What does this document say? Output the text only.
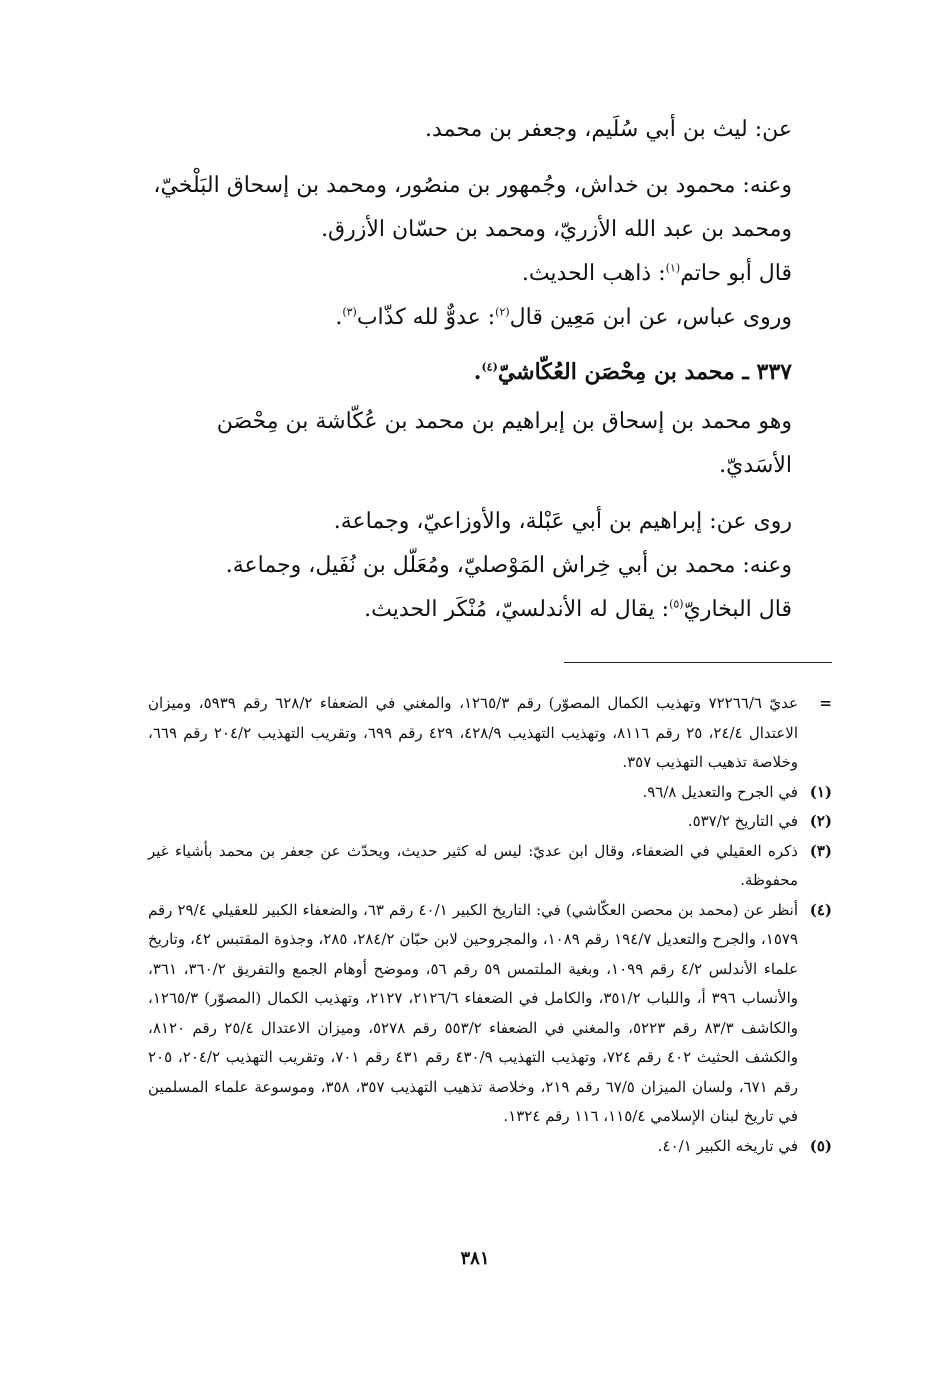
عن: ليث بن أبي سُلَيم، وجعفر بن محمد.

وعنه: محمود بن خداش، وجُمهور بن منصُور، ومحمد بن إسحاق البَلْخيّ، ومحمد بن عبد الله الأزريّ، ومحمد بن حسّان الأزرق.

قال أبو حاتم$^{(١)}$: ذاهب الحديث.

وروى عباس، عن ابن مَعِين قال$^{(٢)}$: عدوٌّ لله كذّاب$^{(٣)}$.

٣٣٧ ـ محمد بن مِحْصَن العُكّاشيّ$^{(٤)}$.

وهو محمد بن إسحاق بن إبراهيم بن محمد بن عُكّاشة بن مِحْصَن الأسَديّ.

روى عن: إبراهيم بن أبي عَبْلة، والأوزاعيّ، وجماعة.

وعنه: محمد بن أبي خِراش المَوْصليّ، ومُعَلّل بن نُفَيل، وجماعة.

قال البخاريّ$^{(٥)}$: يقال له الأندلسيّ، مُنْكَر الحديث.

=
عديّ ٧٢٢٦٦/٦ وتهذيب الكمال المصوّر) رقم ١٢٦٥/٣، والمغني في الضعفاء ٦٢٨/٢ رقم ٥٩٣٩، وميزان الاعتدال ٢٤/٤، ٢٥ رقم ٨١١٦، وتهذيب التهذيب ٤٢٨/٩، ٤٢٩ رقم ٦٩٩، وتقريب التهذيب ٢٠٤/٢ رقم ٦٦٩، وخلاصة تذهيب التهذيب ٣٥٧.
(١)
في الجرح والتعديل ٩٦/٨.
(٢)
في التاريخ ٥٣٧/٢.
(٣)
ذكره العقيلي في الضعفاء، وقال ابن عديّ: ليس له كثير حديث، ويحدّث عن جعفر بن محمد بأشياء غير محفوظة.
(٤)
أنظر عن (محمد بن محصن العكّاشي) في: التاريخ الكبير ٤٠/١ رقم ٦٣، والضعفاء الكبير للعقيلي ٢٩/٤ رقم ١٥٧٩، والجرح والتعديل ١٩٤/٧ رقم ١٠٨٩، والمجروحين لابن حبّان ٢٨٤/٢، ٢٨٥، وجذوة المقتبس ٤٢، وتاريخ علماء الأندلس ٤/٢ رقم ١٠٩٩، وبغية الملتمس ٥٩ رقم ٥٦، وموضح أوهام الجمع والتفريق ٣٦٠/٢، ٣٦١، والأنساب ٣٩٦ أ، واللباب ٣٥١/٢، والكامل في الضعفاء ٢١٢٦/٦، ٢١٢٧، وتهذيب الكمال (المصوّر) ١٢٦٥/٣، والكاشف ٨٣/٣ رقم ٥٢٢٣، والمغني في الضعفاء ٥٥٣/٢ رقم ٥٢٧٨، وميزان الاعتدال ٢٥/٤ رقم ٨١٢٠، والكشف الحثيث ٤٠٢ رقم ٧٢٤، وتهذيب التهذيب ٤٣٠/٩ رقم ٤٣١ رقم ٧٠١، وتقريب التهذيب ٢٠٤/٢، ٢٠٥ رقم ٦٧١، ولسان الميزان ٦٧/٥ رقم ٢١٩، وخلاصة تذهيب التهذيب ٣٥٧، ٣٥٨، وموسوعة علماء المسلمين في تاريخ لبنان الإسلامي ١١٥/٤، ١١٦ رقم ١٣٢٤.
(٥)
في تاريخه الكبير ٤٠/١.
٣٨١
